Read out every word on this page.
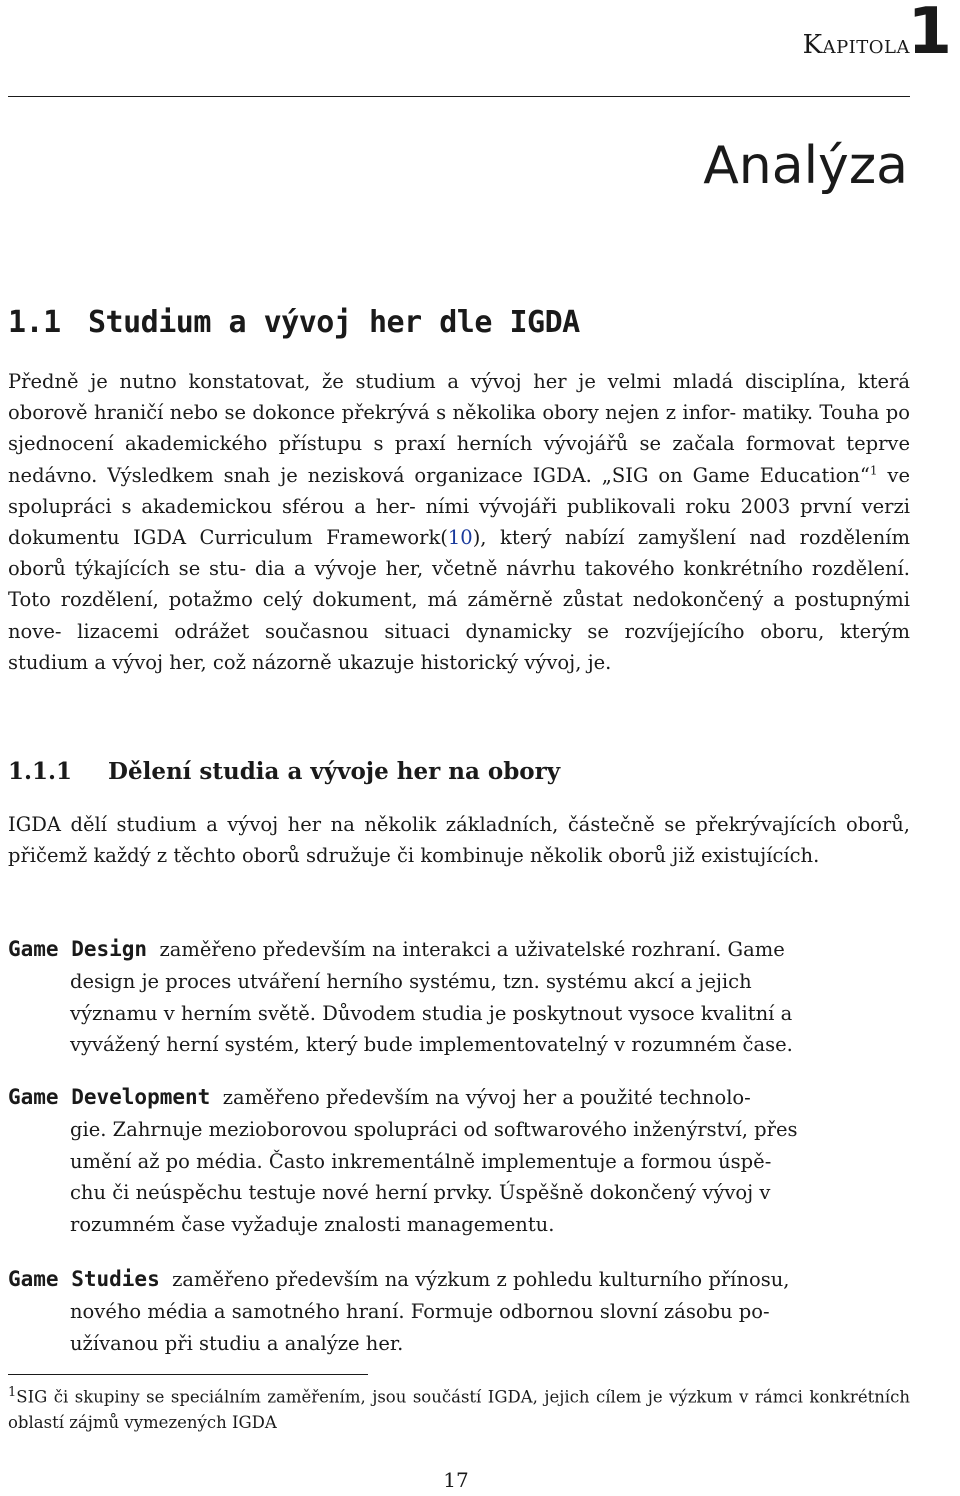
Kapitola
1
Analýza
1.1 Studium a vývoj her dle IGDA

Předně je nutno konstatovat, že studium a vývoj her je velmi mladá disciplína, která oborově hraničí nebo se dokonce překrývá s několika obory nejen z infor- matiky. Touha po sjednocení akademického přístupu s praxí herních vývojářů se začala formovat teprve nedávno. Výsledkem snah je nezisková organizace IGDA. „SIG on Game Education“$^1$ ve spolupráci s akademickou sférou a her- ními vývojáři publikovali roku 2003 první verzi dokumentu IGDA Curriculum Framework(10), který nabízí zamyšlení nad rozdělením oborů týkajících se stu- dia a vývoje her, včetně návrhu takového konkrétního rozdělení. Toto rozdělení, potažmo celý dokument, má záměrně zůstat nedokončený a postupnými nove- lizacemi odrážet současnou situaci dynamicky se rozvíjejícího oboru, kterým studium a vývoj her, což názorně ukazuje historický vývoj, je.

1.1.1 Dělení studia a vývoje her na obory

IGDA dělí studium a vývoj her na několik základních, částečně se překrývajících oborů, přičemž každý z těchto oborů sdružuje či kombinuje několik oborů již existujících.

Game Design zaměřeno především na interakci a uživatelské rozhraní. Game
design je proces utváření herního systému, tzn. systému akcí a jejich
významu v herním světě. Důvodem studia je poskytnout vysoce kvalitní a
vyvážený herní systém, který bude implementovatelný v rozumném čase.
Game Development zaměřeno především na vývoj her a použité technolo-
gie. Zahrnuje mezioborovou spolupráci od softwarového inženýrství, přes
umění až po média. Často inkrementálně implementuje a formou úspě-
chu či neúspěchu testuje nové herní prvky. Úspěšně dokončený vývoj v
rozumném čase vyžaduje znalosti managementu.
Game Studies zaměřeno především na výzkum z pohledu kulturního přínosu,
nového média a samotného hraní. Formuje odbornou slovní zásobu po-
užívanou při studiu a analýze her.
$^1$SIG či skupiny se speciálním zaměřením, jsou součástí IGDA, jejich cílem je výzkum v rámci konkrétních oblastí zájmů vymezených IGDA
17
